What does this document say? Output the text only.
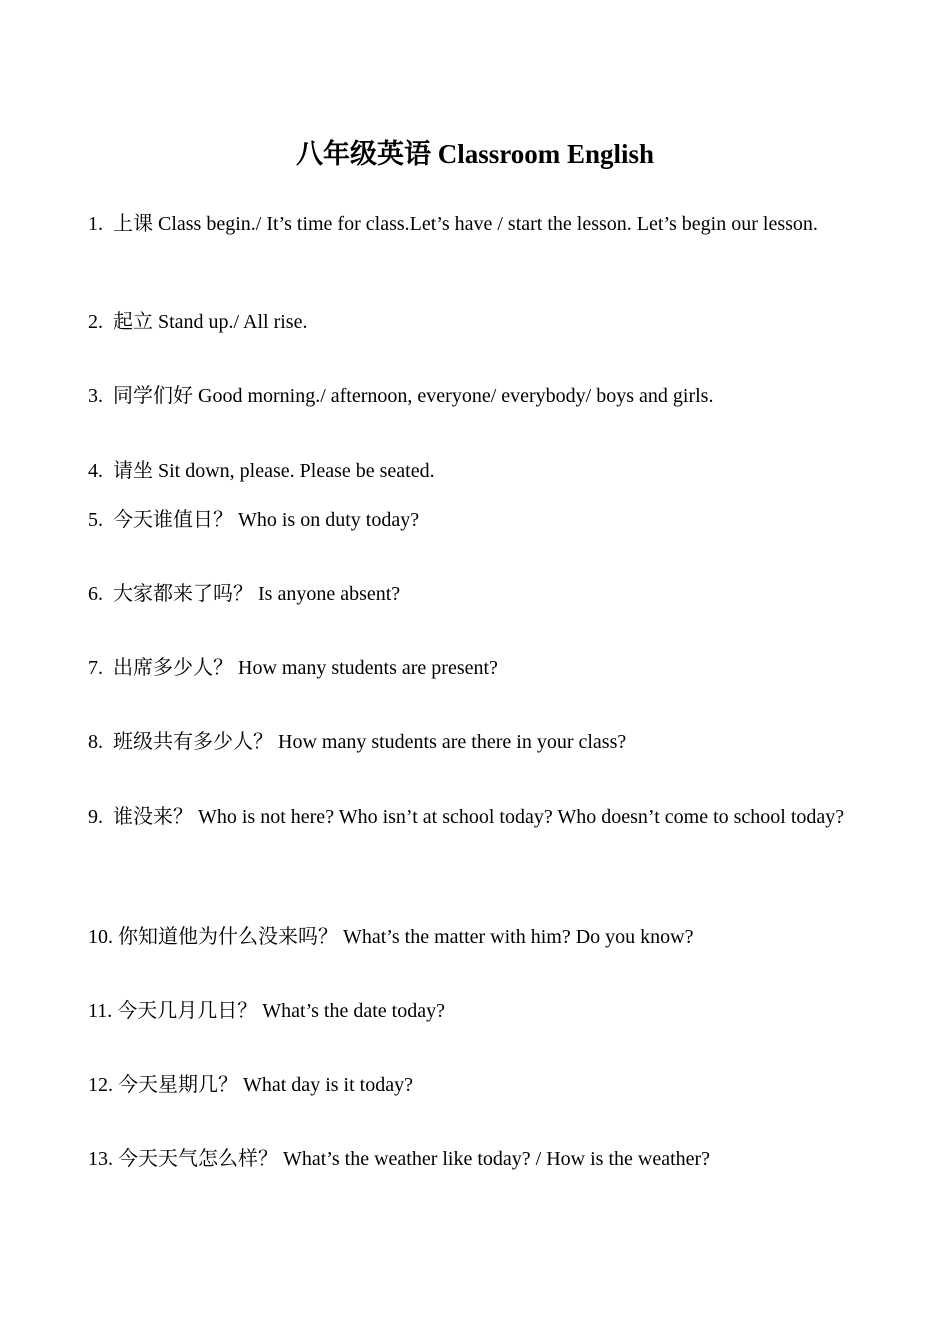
八年级英语 Classroom English
1. 上课 Class begin./ It’s time for class.Let’s have / start the lesson. Let’s begin our lesson.
2. 起立 Stand up./ All rise.
3. 同学们好 Good morning./ afternoon, everyone/ everybody/ boys and girls.
4. 请坐 Sit down, please. Please be seated.
5. 今天谁值日？ Who is on duty today?
6. 大家都来了吗？ Is anyone absent?
7. 出席多少人？ How many students are present?
8. 班级共有多少人？ How many students are there in your class?
9. 谁没来？ Who is not here? Who isn’t at school today? Who doesn’t come to school today?
10. 你知道他为什么没来吗？ What’s the matter with him? Do you know?
11. 今天几月几日？ What’s the date today?
12. 今天星期几？ What day is it today?
13. 今天天气怎么样？ What’s the weather like today? / How is the weather?
